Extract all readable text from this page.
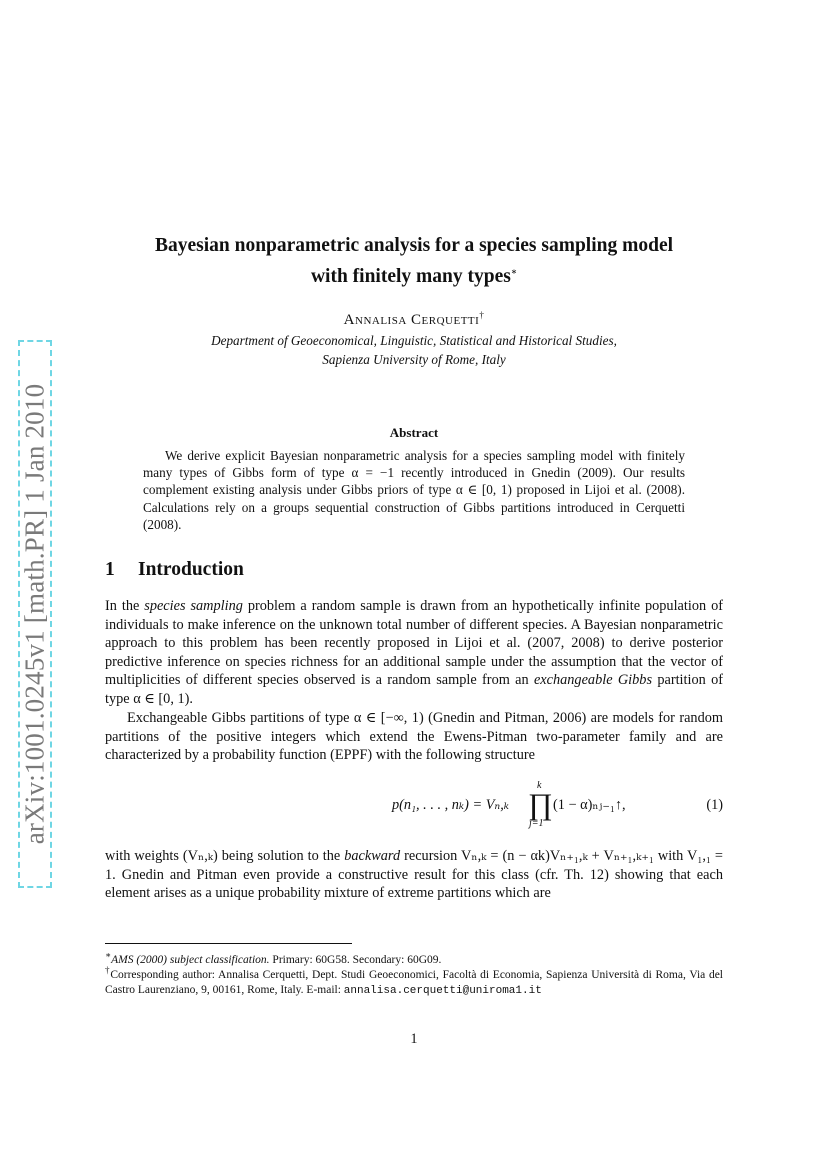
arXiv:1001.0245v1 [math.PR] 1 Jan 2010
Bayesian nonparametric analysis for a species sampling model
with finitely many types∗
Annalisa Cerquetti†
Department of Geoeconomical, Linguistic, Statistical and Historical Studies,
Sapienza University of Rome, Italy
Abstract
We derive explicit Bayesian nonparametric analysis for a species sampling model with finitely many types of Gibbs form of type α = −1 recently introduced in Gnedin (2009). Our results complement existing analysis under Gibbs priors of type α ∈ [0, 1) proposed in Lijoi et al. (2008). Calculations rely on a groups sequential construction of Gibbs partitions introduced in Cerquetti (2008).
1 Introduction
In the species sampling problem a random sample is drawn from an hypothetically infinite population of individuals to make inference on the unknown total number of different species. A Bayesian nonparametric approach to this problem has been recently proposed in Lijoi et al. (2007, 2008) to derive posterior predictive inference on species richness for an additional sample under the assumption that the vector of multiplicities of different species observed is a random sample from an exchangeable Gibbs partition of type α ∈ [0, 1).
Exchangeable Gibbs partitions of type α ∈ [−∞, 1) (Gnedin and Pitman, 2006) are models for random partitions of the positive integers which extend the Ewens-Pitman two-parameter family and are characterized by a probability function (EPPF) with the following structure
p(n₁, . . . , nₖ) = Vₙ,ₖ
k
∏
j=1
(1 − α)ₙⱼ₋₁↑,	(1)
with weights (Vₙ,ₖ) being solution to the backward recursion Vₙ,ₖ = (n − αk)Vₙ₊₁,ₖ + Vₙ₊₁,ₖ₊₁ with V₁,₁ = 1. Gnedin and Pitman even provide a constructive result for this class (cfr. Th. 12) showing that each element arises as a unique probability mixture of extreme partitions which are
∗AMS (2000) subject classification. Primary: 60G58. Secondary: 60G09.
†Corresponding author: Annalisa Cerquetti, Dept. Studi Geoeconomici, Facoltà di Economia, Sapienza Università di Roma, Via del Castro Laurenziano, 9, 00161, Rome, Italy. E-mail: annalisa.cerquetti@uniroma1.it
1
